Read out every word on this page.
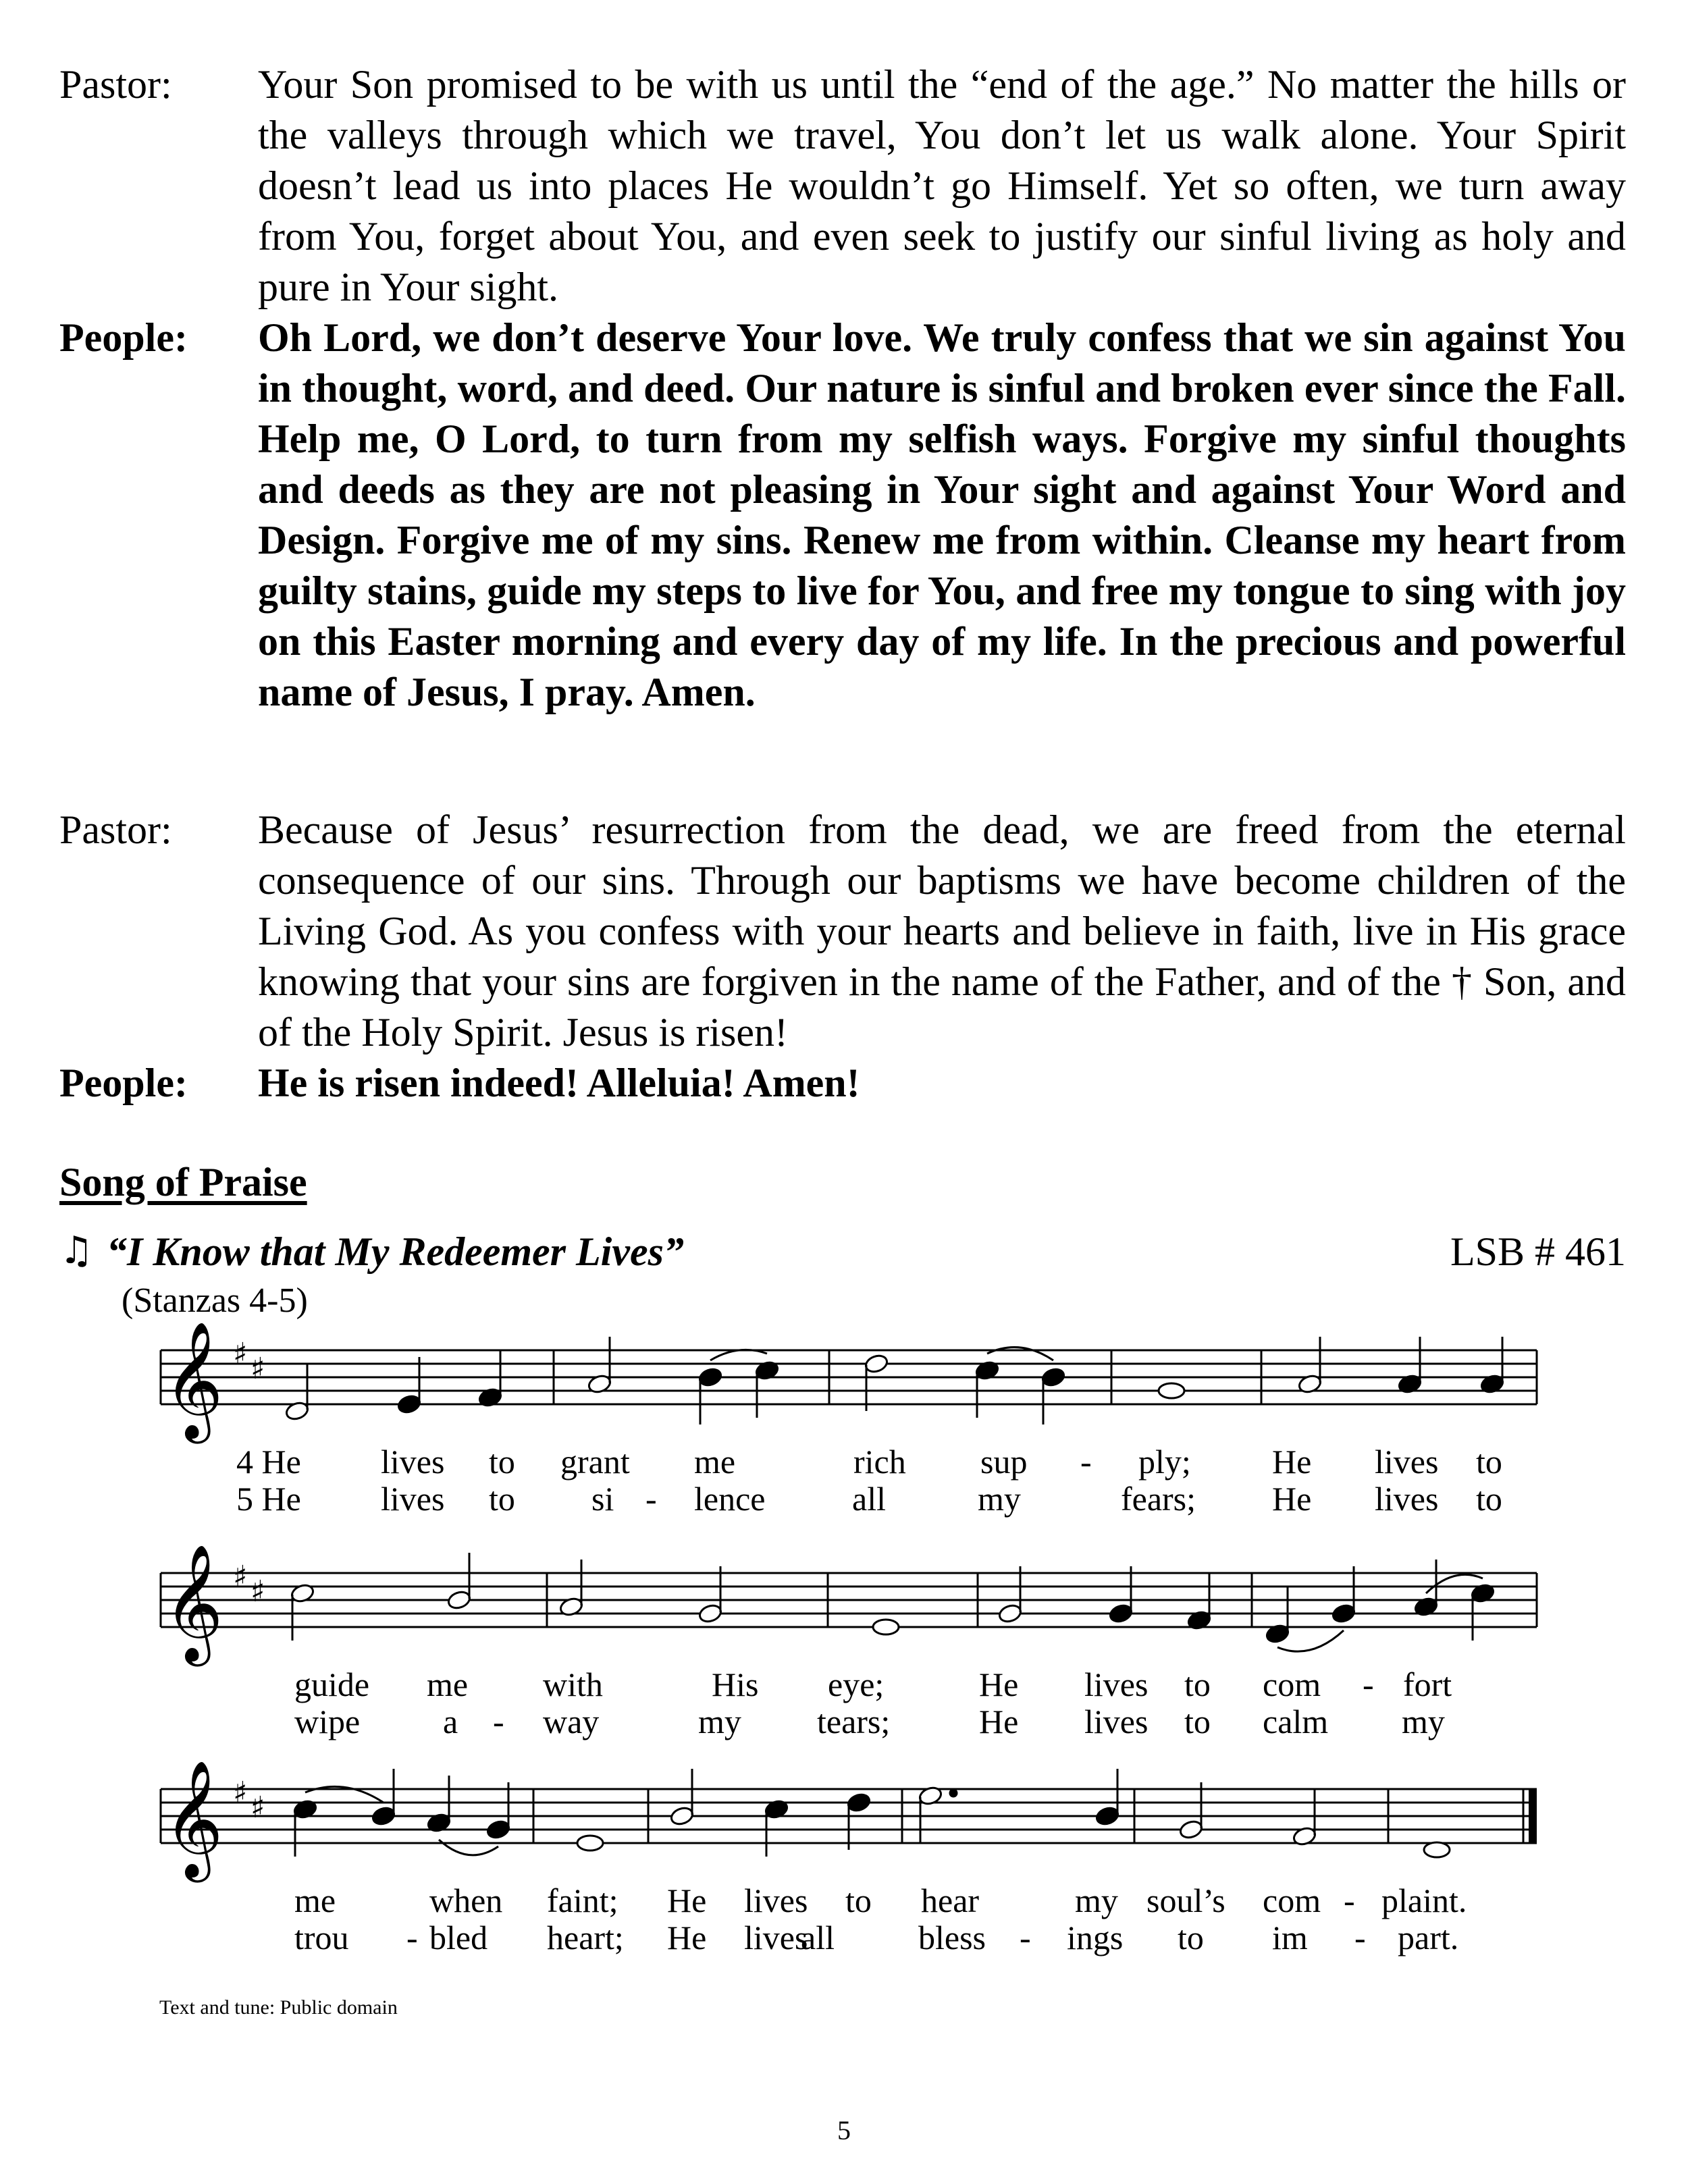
Pastor: Your Son promised to be with us until the “end of the age.” No matter the hills or the valleys through which we travel, You don’t let us walk alone. Your Spirit doesn’t lead us into places He wouldn’t go Himself. Yet so often, we turn away from You, forget about You, and even seek to justify our sinful living as holy and pure in Your sight.
People: Oh Lord, we don’t deserve Your love. We truly confess that we sin against You in thought, word, and deed. Our nature is sinful and broken ever since the Fall. Help me, O Lord, to turn from my selfish ways. Forgive my sinful thoughts and deeds as they are not pleasing in Your sight and against Your Word and Design. Forgive me of my sins. Renew me from within. Cleanse my heart from guilty stains, guide my steps to live for You, and free my tongue to sing with joy on this Easter morning and every day of my life. In the precious and powerful name of Jesus, I pray. Amen.
Pastor: Because of Jesus’ resurrection from the dead, we are freed from the eternal consequence of our sins. Through our baptisms we have become children of the Living God. As you confess with your hearts and believe in faith, live in His grace knowing that your sins are forgiven in the name of the Father, and of the † Son, and of the Holy Spirit. Jesus is risen!
People: He is risen indeed! Alleluia! Amen!
Song of Praise
♫ “I Know that My Redeemer Lives”	LSB # 461
(Stanzas 4-5)
♯ ♯ 𝄞
4 He lives to grant me	rich sup - ply; He lives to
5 He lives to si - lence	all	my	fears; He lives to
𝄞
guide me with	His eye;	He lives to com - fort
wipe a - way	my tears;	He lives to calm my
𝄞
me	when faint; He lives to hear	my soul’s com - plaint.
trou - bled heart; He lives
all bless - ings to im - part.
Text and tune: Public domain
5
